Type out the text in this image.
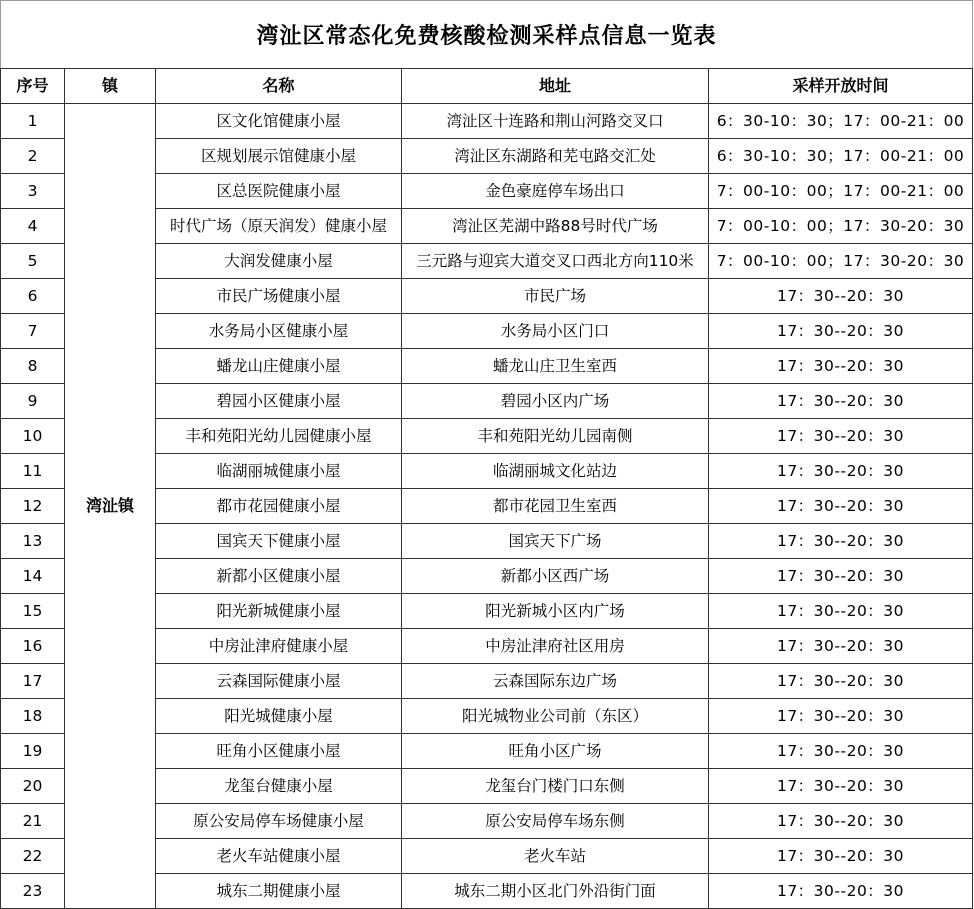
湾沚区常态化免费核酸检测采样点信息一览表
序号	镇	名称	地址	采样开放时间
1	湾沚镇	区文化馆健康小屋	湾沚区十连路和荆山河路交叉口	6：30-10：30；17：00-21：00
2		区规划展示馆健康小屋	湾沚区东湖路和芜屯路交汇处	6：30-10：30；17：00-21：00
3		区总医院健康小屋	金色豪庭停车场出口	7：00-10：00；17：00-21：00
4		时代广场（原天润发）健康小屋	湾沚区芜湖中路88号时代广场	7：00-10：00；17：30-20：30
5		大润发健康小屋	三元路与迎宾大道交叉口西北方向110米	7：00-10：00；17：30-20：30
6		市民广场健康小屋	市民广场	17：30--20：30
7		水务局小区健康小屋	水务局小区门口	17：30--20：30
8		蟠龙山庄健康小屋	蟠龙山庄卫生室西	17：30--20：30
9		碧园小区健康小屋	碧园小区内广场	17：30--20：30
10		丰和苑阳光幼儿园健康小屋	丰和苑阳光幼儿园南侧	17：30--20：30
11		临湖丽城健康小屋	临湖丽城文化站边	17：30--20：30
12		都市花园健康小屋	都市花园卫生室西	17：30--20：30
13		国宾天下健康小屋	国宾天下广场	17：30--20：30
14		新都小区健康小屋	新都小区西广场	17：30--20：30
15		阳光新城健康小屋	阳光新城小区内广场	17：30--20：30
16		中房沚津府健康小屋	中房沚津府社区用房	17：30--20：30
17		云森国际健康小屋	云森国际东边广场	17：30--20：30
18		阳光城健康小屋	阳光城物业公司前（东区）	17：30--20：30
19		旺角小区健康小屋	旺角小区广场	17：30--20：30
20		龙玺台健康小屋	龙玺台门楼门口东侧	17：30--20：30
21		原公安局停车场健康小屋	原公安局停车场东侧	17：30--20：30
22		老火车站健康小屋	老火车站	17：30--20：30
23		城东二期健康小屋	城东二期小区北门外沿街门面	17：30--20：30
